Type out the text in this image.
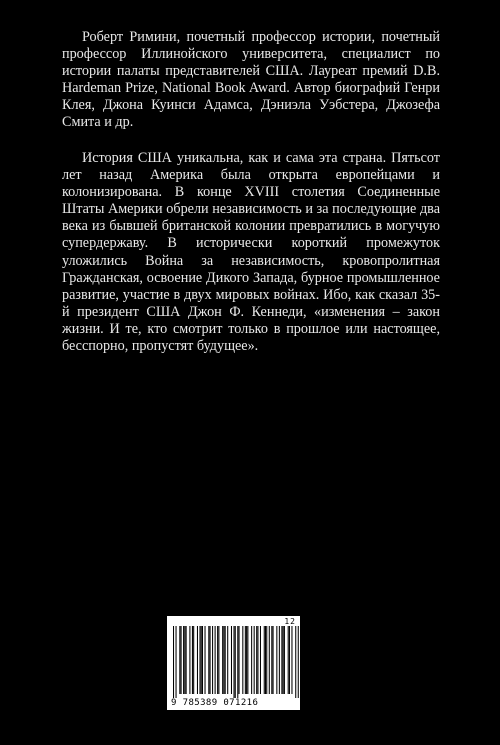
Роберт Римини, почетный профессор истории, почетный профессор Иллинойского университета, специалист по истории палаты представителей США. Лауреат премий D.B. Hardeman Prize, National Book Award. Автор биографий Генри Клея, Джона Куинси Адамса, Дэниэла Уэбстера, Джозефа Смита и др.

История США уникальна, как и сама эта страна. Пятьсот лет назад Америка была открыта европейцами и колонизирована. В конце XVIII столетия Соединенные Штаты Америки обрели независимость и за последующие два века из бывшей британской колонии превратились в могучую супердержаву. В исторически короткий промежуток уложились Война за независимость, кровопролитная Гражданская, освоение Дикого Запада, бурное промышленное развитие, участие в двух мировых войнах. Ибо, как сказал 35-й президент США Джон Ф. Кеннеди, «изменения – закон жизни. И те, кто смотрит только в прошлое или настоящее, бесспорно, пропустят будущее».

12
9 785389 071216
